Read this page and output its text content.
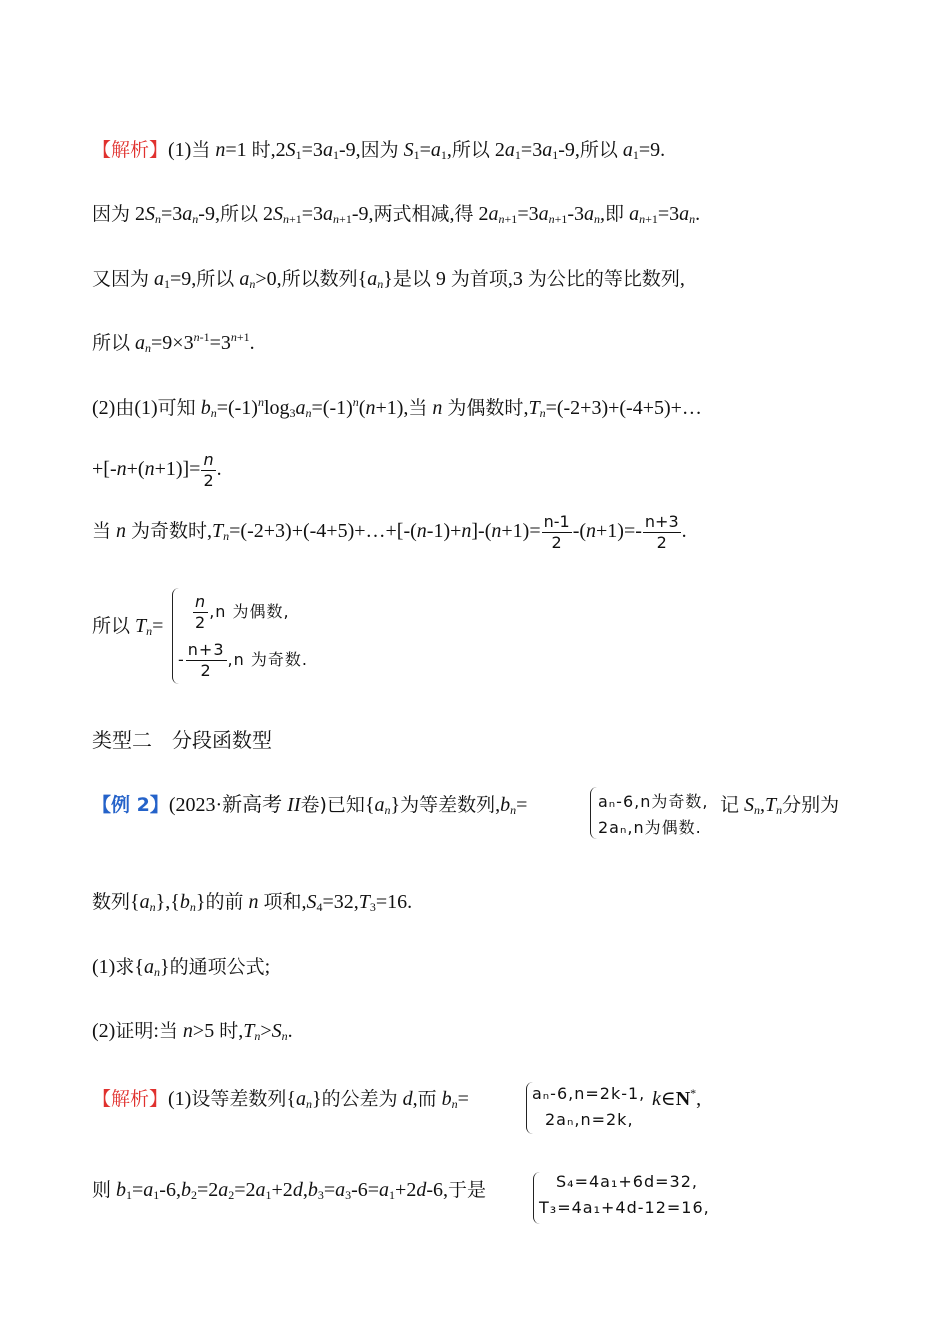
【解析】(1)当 n=1 时$,2S_1=3a_1-9$,因为 $S_1=a_1$,所以 $2a_1=3a_1-9$,所以 $a_1=9$.
因为 $2S_n=3a_n-9$,所以 $2S_{n+1}=3a_{n+1}-9$,两式相减,得 $2a_{n+1}=3a_{n+1}-3a_n$,即 $a_{n+1}=3a_n$.
又因为 $a_1=9$,所以 $a_n>0$,所以数列$\{a_n\}$是以 9 为首项,3 为公比的等比数列,
所以 $a_n=9\times 3^{n-1}=3^{n+1}$.
(2)由(1)可知 $b_n=(-1)^n\log_3a_n=(-1)^n(n+1)$,当 n 为偶数时$,T_n=(-2+3)+(-4+5)+\dots$
$+[-n+(n+1)]= \frac{n}{2}$ .
当 n 为奇数时$,T_n=(-2+3)+(-4+5)+\dots+[-(n-1)+n]-(n+1)= \frac{n-1}{2} -(n+1)=- \frac{n+3}{2}$ .
所以 $T_n= \frac{n}{2} ,n$ 为偶数,
- $\frac{n+3}{2} ,n$ 为奇数.
类型二　分段函数型
【例 2】(2023·新高考 II卷)已知$\{a_n\}$为等差数列$,b_n=$	aₙ-6,n为奇数,
2aₙ,n为偶数.
记 $S_n,T_n$分别为
数列$\{a_n\},\{b_n\}$的前 n 项和$,S_4=32,T_3=16$.
(1)求$\{a_n\}$的通项公式;
(2)证明:当 n>5 时$,T_n>S_n$.
【解析】(1)设等差数列$\{a_n\}$的公差为 d,而 $b_n=$	aₙ-6,n=2k-1,
2aₙ,n=2k,
k∈N*,
则 $b_1=a_1-6,b_2=2a_2=2a_1+2d,b_3=a_3-6=a_1+2d-6$,于是	S₄=4a₁+6d=32,
T₃=4a₁+4d-12=16,
